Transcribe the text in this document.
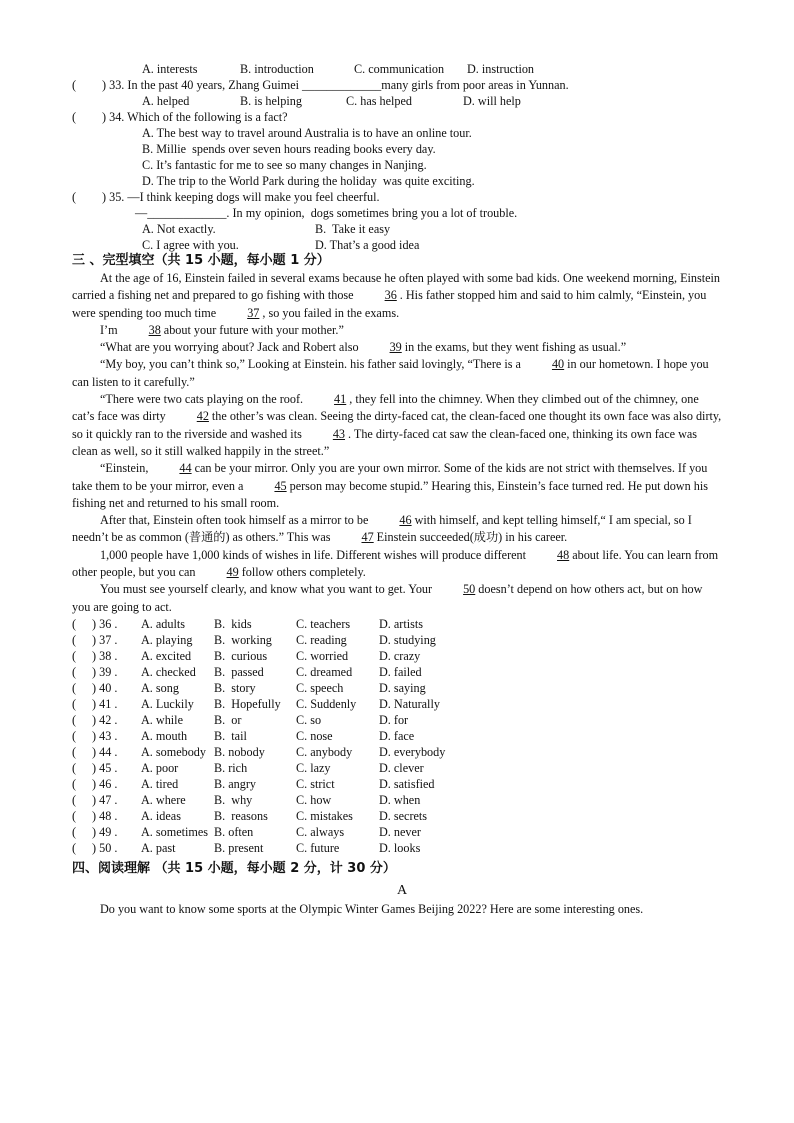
A. interests	B. introduction	C. communication D. instruction
( ) 33. In the past 40 years, Zhang Guimei _____________many girls from poor areas in Yunnan.
A. helped	B. is helping	C. has helped	D. will help
( ) 34. Which of the following is a fact?
A. The best way to travel around Australia is to have an online tour.
B. Millie  spends over seven hours reading books every day.
C. It’s fantastic for me to see so many changes in Nanjing.
D. The trip to the World Park during the holiday  was quite exciting.
( ) 35. —I think keeping dogs will make you feel cheerful.
—_____________. In my opinion,  dogs sometimes bring you a lot of trouble.
A. Not exactly.	B.  Take it easy
C. I agree with you.	D. That’s a good idea
三 、完型填空（共 15 小题，每小题 1 分）

At the age of 16, Einstein failed in several exams because he often played with some bad kids. One weekend morning, Einstein carried a fishing net and prepared to go fishing with those	36 . His father stopped him and said to him calmly, “Einstein, you were spending too much time	37 , so you failed in the exams.

I’m	38 about your future with your mother.”

“What are you worrying about? Jack and Robert also	39 in the exams, but they went fishing as usual.”

“My boy, you can’t think so,” Looking at Einstein. his father said lovingly, “There is a	40 in our hometown. I hope you can listen to it carefully.”

“There were two cats playing on the roof.	41 , they fell into the chimney. When they climbed out of the chimney, one cat’s face was dirty	42 the other’s was clean. Seeing the dirty-faced cat, the clean-faced one thought its own face was also dirty, so it quickly ran to the riverside and washed its	43 . The dirty-faced cat saw the clean-faced one, thinking its own face was clean as well, so it still walked happily in the street.”

“Einstein,	44 can be your mirror. Only you are your own mirror. Some of the kids are not strict with themselves. If you take them to be your mirror, even a	45 person may become stupid.” Hearing this, Einstein’s face turned red. He put down his fishing net and returned to his small room.

After that, Einstein often took himself as a mirror to be	46 with himself, and kept telling himself,“ I am special, so I needn’t be as common (普通的) as others.” This was	47 Einstein succeeded(成功) in his career.

1,000 people have 1,000 kinds of wishes in life. Different wishes will produce different	48 about life. You can learn from other people, but you can	49 follow others completely.

You must see yourself clearly, and know what you want to get. Your	50 doesn’t depend on how others act, but on how you are going to act.

( ) 36 . A. adults B.  kids	C. teachers D. artists
( ) 37 . A. playing B.  working C. reading	D. studying
( ) 38 . A. excited B.  curious C. worried	D. crazy
( ) 39 . A. checked B.  passed	C. dreamed D. failed
( ) 40 . A. song	B.  story	C. speech	D. saying
( ) 41 . A. Luckily B.  Hopefully C. Suddenly D. Naturally
( ) 42 . A. while	B.  or	C. so	D. for
( ) 43 . A. mouth B.  tail	C. nose	D. face
( ) 44 . A. somebody B. nobody	C. anybody D. everybody
( ) 45 . A. poor	B. rich	C. lazy	D. clever
( ) 46 . A. tired	B. angry	C. strict	D. satisfied
( ) 47 . A. where B.  why	C. how	D. when
( ) 48 . A. ideas	B.  reasons C. mistakes D. secrets
( ) 49 . A. sometimes B. often	C. always	D. never
( ) 50 . A. past	B. present	C. future	D. looks
四、阅读理解 （共 15 小题，每小题 2 分，计 30 分）
A

Do you want to know some sports at the Olympic Winter Games Beijing 2022? Here are some interesting ones.
